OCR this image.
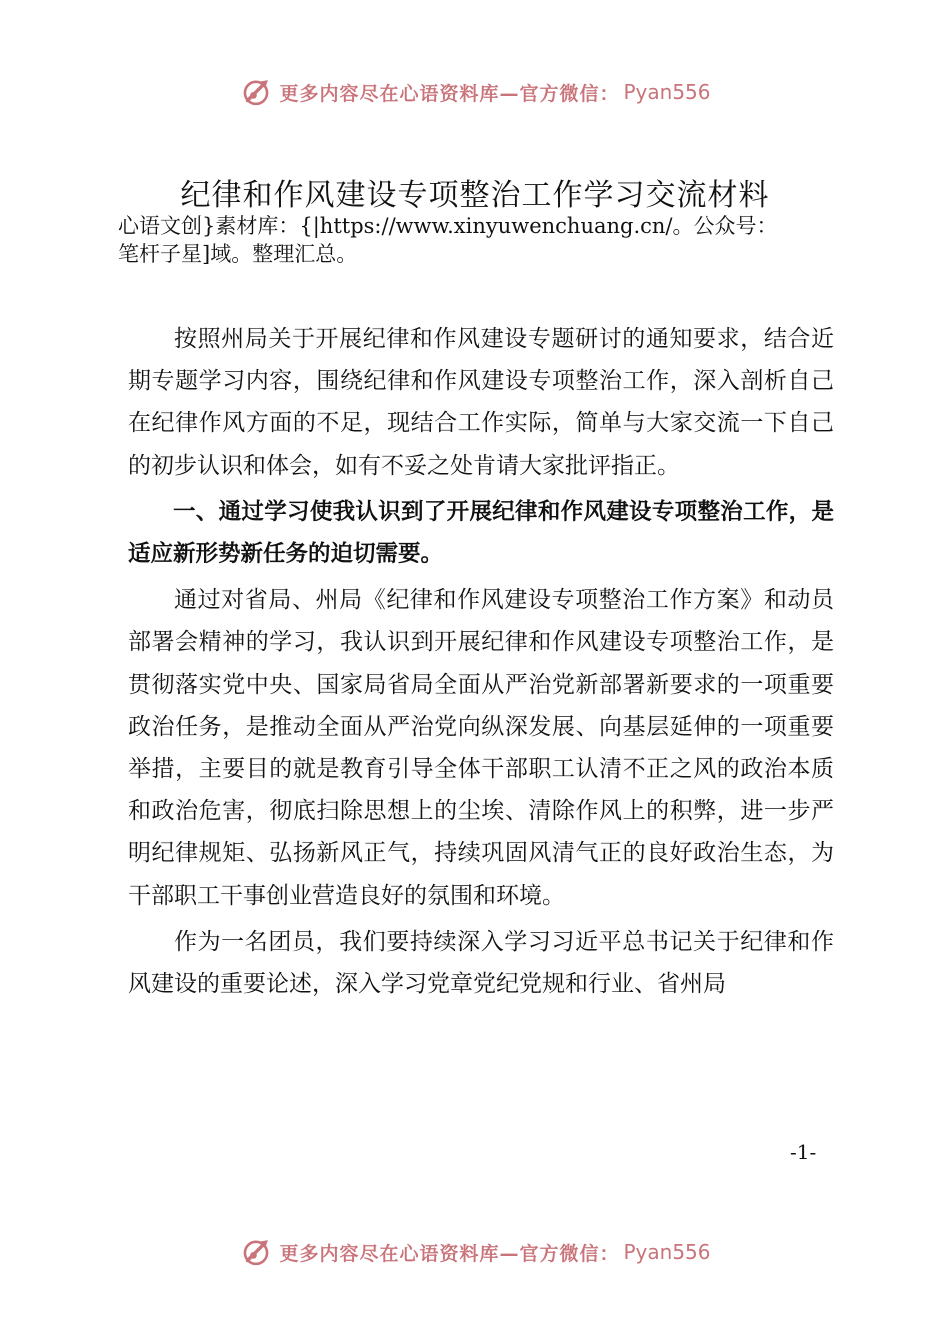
更多内容尽在心语资料库—官方微信： Pyan556
纪律和作风建设专项整治工作学习交流材料
心语文创}素材库：{|https://www.xinyuwenchuang.cn/。公众号：
笔杆子星]域。整理汇总。

按照州局关于开展纪律和作风建设专题研讨的通知要求，结合近期专题学习内容，围绕纪律和作风建设专项整治工作，深入剖析自己在纪律作风方面的不足，现结合工作实际，简单与大家交流一下自己的初步认识和体会，如有不妥之处肯请大家批评指正。

一、通过学习使我认识到了开展纪律和作风建设专项整治工作，是适应新形势新任务的迫切需要。

通过对省局、州局《纪律和作风建设专项整治工作方案》和动员部署会精神的学习，我认识到开展纪律和作风建设专项整治工作，是贯彻落实党中央、国家局省局全面从严治党新部署新要求的一项重要政治任务，是推动全面从严治党向纵深发展、向基层延伸的一项重要举措，主要目的就是教育引导全体干部职工认清不正之风的政治本质和政治危害，彻底扫除思想上的尘埃、清除作风上的积弊，进一步严明纪律规矩、弘扬新风正气，持续巩固风清气正的良好政治生态，为干部职工干事创业营造良好的氛围和环境。

作为一名团员，我们要持续深入学习习近平总书记关于纪律和作风建设的重要论述，深入学习党章党纪党规和行业、省州局

-1-
更多内容尽在心语资料库—官方微信： Pyan556
